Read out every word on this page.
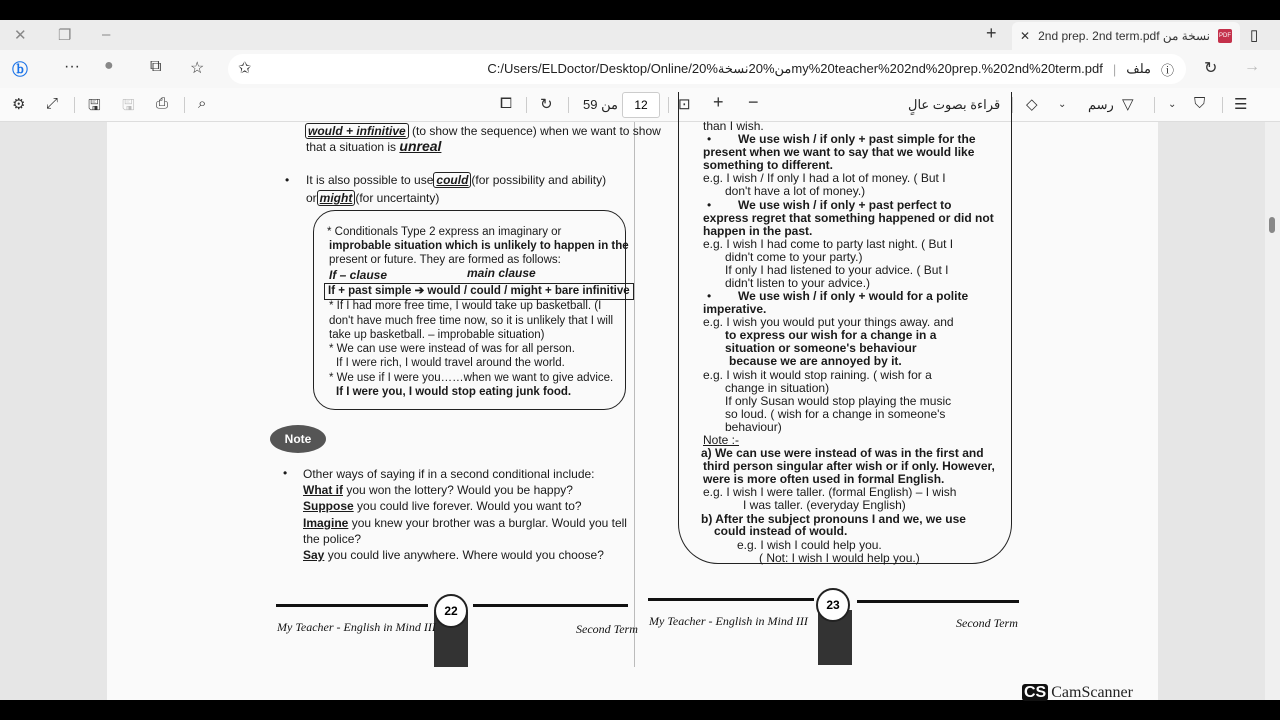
✕ ❐ –	+ ✕ نسخة من 2nd prep. 2nd term.pdf PDF ▯
ⓑ ··· ● ⧉ ☆	C:/Users/ELDoctor/Desktop/Online/20%من%20نسخةmy%20teacher%202nd%20prep.%202nd%20term.pdf | ملف ⓘ
✩	↻ →
⚙ ⤢ 🖫 🖫 ⎙ ⌕	⧠ ↻ من 59	12	⊡ + −	قراءة بصوت عالٍ ◇ ⌄ رسم ▽	⌄ ⛉ ☰
would + infinitive (to show the sequence) when we want to show
that a situation is unreal
• It is also possible to use could (for possibility and ability)
or might (for uncertainty)
* Conditionals Type 2 express an imaginary or
improbable situation which is unlikely to happen in the
present or future. They are formed as follows:
If – clause	main clause
If + past simple ➔ would / could / might + bare infinitive
* If I had more free time, I would take up basketball. (I
don't have much free time now, so it is unlikely that I will
take up basketball. – improbable situation)
* We can use were instead of was for all person.
If I were rich, I would travel around the world.
* We use if I were you……when we want to give advice.
If I were you, I would stop eating junk food.
Note
• Other ways of saying if in a second conditional include:
What if you won the lottery? Would you be happy?
Suppose you could live forever. Would you want to?
Imagine you knew your brother was a burglar. Would you tell
the police?
Say you could live anywhere. Where would you choose?
22
My Teacher - English in Mind III	Second Term
than I wish.
We use wish / if only + past simple for the
•
present when we want to say that we would like
something to different.
e.g. I wish / If only I had a lot of money. ( But I
don't have a lot of money.)
We use wish / if only + past perfect to
•
express regret that something happened or did not
happen in the past.
e.g. I wish I had come to party last night. ( But I
didn't come to your party.)
If only I had listened to your advice. ( But I
didn't listen to your advice.)
We use wish / if only + would for a polite
•
imperative.
e.g. I wish you would put your things away. and
to express our wish for a change in a
situation or someone's behaviour
because we are annoyed by it.
e.g. I wish it would stop raining. ( wish for a
change in situation)
If only Susan would stop playing the music
so loud. ( wish for a change in someone's
behaviour)
Note :-
a) We can use were instead of was in the first and
third person singular after wish or if only. However,
were is more often used in formal English.
e.g. I wish I were taller. (formal English) – I wish
I was taller. (everyday English)
b) After the subject pronouns I and we, we use
could instead of would.
e.g. I wish I could help you.
( Not: I wish I would help you.)
23
My Teacher - English in Mind III	Second Term
CS CamScanner
